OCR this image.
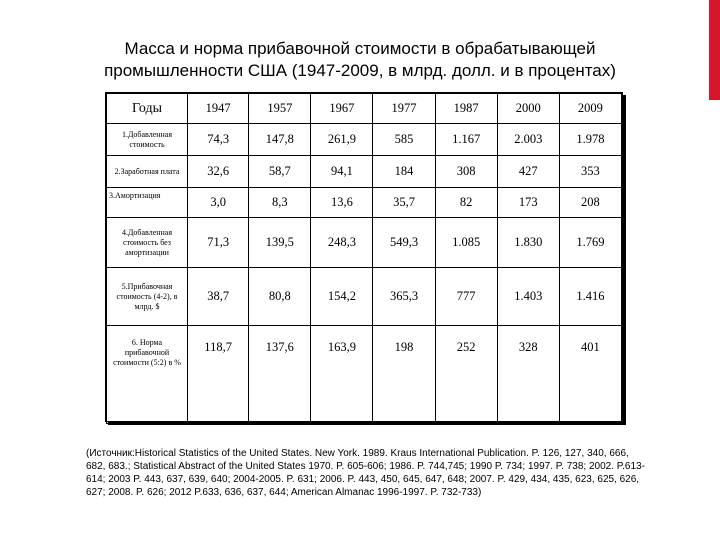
Масса и норма прибавочной стоимости в обрабатывающей
промышленности США (1947-2009, в млрд. долл. и в процентах)
Годы	1947	1957	1967	1977	1987	2000	2009
1.Добавленная стоимость	74,3	147,8	261,9	585	1.167	2.003	1.978
2.Заработная плата	32,6	58,7	94,1	184	308	427	353
3.Амортизация	3,0	8,3	13,6	35,7	82	173	208
4.Добавленная стоимость без амортизации	71,3	139,5	248,3	549,3	1.085	1.830	1.769
5.Прибавочная стоимость (4-2), в млрд. $	38,7	80,8	154,2	365,3	777	1.403	1.416
6. Норма прибавочной стоимости (5:2) в %	118,7	137,6	163,9	198	252	328	401
(Источник:Historical Statistics of the United States. New York. 1989. Kraus International Publication. P. 126, 127, 340, 666, 682, 683.; Statistical Abstract of the United States 1970. P. 605-606; 1986. P. 744,745; 1990 P. 734; 1997. P. 738; 2002. P.613-614; 2003 P. 443, 637, 639, 640; 2004-2005. P. 631; 2006. P. 443, 450, 645, 647, 648; 2007. P. 429, 434, 435, 623, 625, 626, 627; 2008. P. 626; 2012 P.633, 636, 637, 644; American Almanac 1996-1997. P. 732-733)
